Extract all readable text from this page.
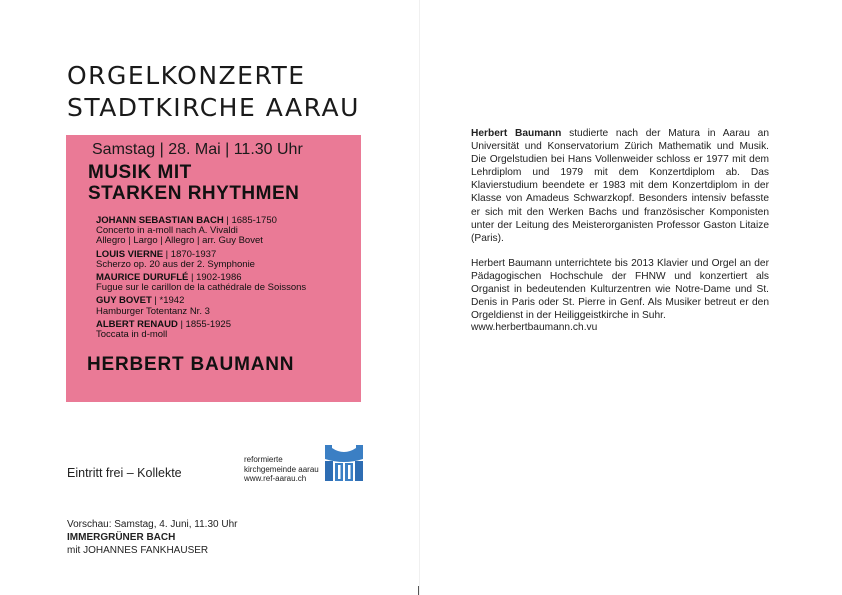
ORGELKONZERTE
STADTKIRCHE AARAU
Samstag | 28. Mai | 11.30 Uhr
MUSIK MIT
STARKEN RHYTHMEN
JOHANN SEBASTIAN BACH | 1685-1750
Concerto in a-moll nach A. Vivaldi
Allegro | Largo | Allegro | arr. Guy Bovet
LOUIS VIERNE | 1870-1937
Scherzo op. 20 aus der 2. Symphonie
MAURICE DURUFLÉ | 1902-1986
Fugue sur le carillon de la cathédrale de Soissons
GUY BOVET | *1942
Hamburger Totentanz Nr. 3
ALBERT RENAUD | 1855-1925
Toccata in d-moll
HERBERT BAUMANN
Eintritt frei – Kollekte
reformierte
kirchgemeinde aarau
www.ref-aarau.ch
Vorschau: Samstag, 4. Juni, 11.30 Uhr
IMMERGRÜNER BACH
mit JOHANNES FANKHAUSER

Herbert Baumann studierte nach der Matura in Aarau an Universität und Konservatorium Zürich Mathematik und Musik. Die Orgelstudien bei Hans Vollenweider schloss er 1977 mit dem Lehrdiplom und 1979 mit dem Konzertdiplom ab. Das Klavierstudium beendete er 1983 mit dem Konzertdiplom in der Klasse von Amadeus Schwarzkopf. Besonders intensiv befasste er sich mit den Werken Bachs und französischer Komponisten unter der Leitung des Meisterorganisten Professor Gaston Litaize (Paris).

Herbert Baumann unterrichtete bis 2013 Klavier und Orgel an der Pädagogischen Hochschule der FHNW und konzertiert als Organist in bedeutenden Kulturzentren wie Notre-Dame und St. Denis in Paris oder St. Pierre in Genf. Als Musiker betreut er den Orgeldienst in der Heiliggeistkirche in Suhr.

www.herbertbaumann.ch.vu
